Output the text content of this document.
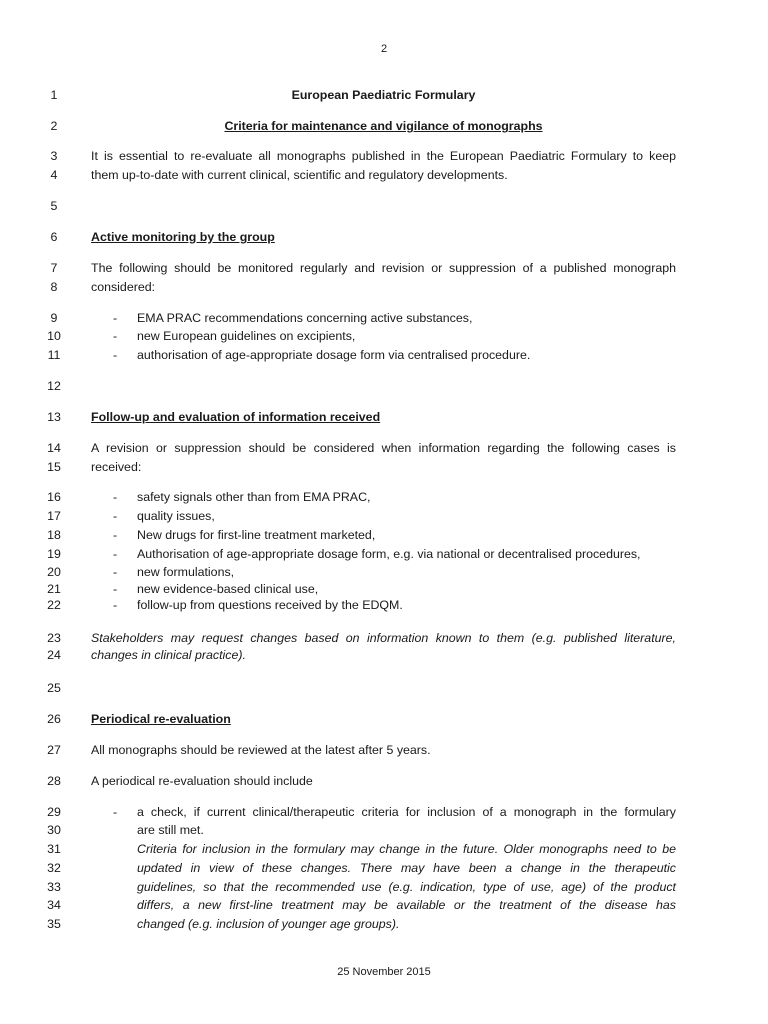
2
1
2
3
4
5
6
7
8
9
10
11
12
13
14
15
16
17
18
19
20
21
22
23
24
25
26
27
28
29
30
31
32
33
34
35
European Paediatric Formulary
Criteria for maintenance and vigilance of monographs
It is essential to re-evaluate all monographs published in the European Paediatric Formulary to keep
them up-to-date with current clinical, scientific and regulatory developments.
Active monitoring by the group
The following should be monitored regularly and revision or suppression of a published monograph
considered:
-	EMA PRAC recommendations concerning active substances,
-	new European guidelines on excipients,
-	authorisation of age-appropriate dosage form via centralised procedure.
Follow-up and evaluation of information received
A revision or suppression should be considered when information regarding the following cases is
received:
-	safety signals other than from EMA PRAC,
-	quality issues,
-	New drugs for first-line treatment marketed,
-	Authorisation of age-appropriate dosage form, e.g. via national or decentralised procedures,
-	new formulations,
-	new evidence-based clinical use,
-	follow-up from questions received by the EDQM.
Stakeholders may request changes based on information known to them (e.g. published literature,
changes in clinical practice).
Periodical re-evaluation
All monographs should be reviewed at the latest after 5 years.
A periodical re-evaluation should include
-	a check, if current clinical/therapeutic criteria for inclusion of a monograph in the formulary
are still met.
Criteria for inclusion in the formulary may change in the future. Older monographs need to be
updated in view of these changes. There may have been a change in the therapeutic
guidelines, so that the recommended use (e.g. indication, type of use, age) of the product
differs, a new first-line treatment may be available or the treatment of the disease has
changed (e.g. inclusion of younger age groups).
25 November 2015
